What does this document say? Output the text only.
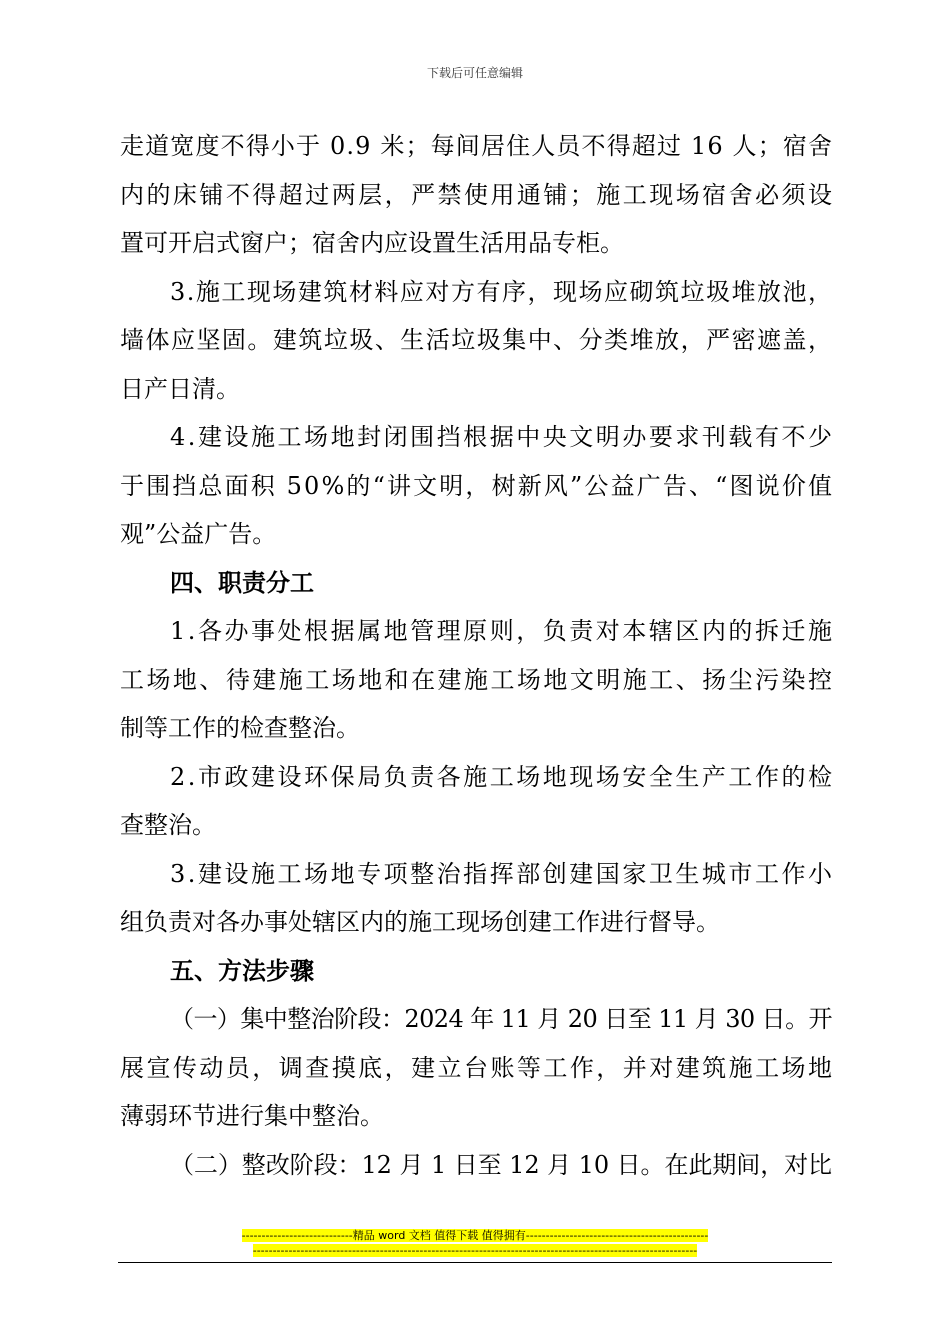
下载后可任意编辑
走道宽度不得小于 0.9 米；每间居住人员不得超过 16 人；宿舍
内的床铺不得超过两层，严禁使用通铺；施工现场宿舍必须设
置可开启式窗户；宿舍内应设置生活用品专柜。
3.施工现场建筑材料应对方有序，现场应砌筑垃圾堆放池，
墙体应坚固。建筑垃圾、生活垃圾集中、分类堆放，严密遮盖，
日产日清。
4.建设施工场地封闭围挡根据中央文明办要求刊载有不少
于围挡总面积 50%的“讲文明，树新风”公益广告、“图说价值
观”公益广告。
四、职责分工
1.各办事处根据属地管理原则，负责对本辖区内的拆迁施
工场地、待建施工场地和在建施工场地文明施工、扬尘污染控
制等工作的检查整治。
2.市政建设环保局负责各施工场地现场安全生产工作的检
查整治。
3.建设施工场地专项整治指挥部创建国家卫生城市工作小
组负责对各办事处辖区内的施工现场创建工作进行督导。
五、方法步骤
（一）集中整治阶段：2024 年 11 月 20 日至 11 月 30 日。开
展宣传动员，调查摸底，建立台账等工作，并对建筑施工场地
薄弱环节进行集中整治。
（二）整改阶段：12 月 1 日至 12 月 10 日。在此期间，对比
----------------------------精品 word 文档 值得下载 值得拥有----------------------------------------------
----------------------------------------------------------------------------------------------------------------
